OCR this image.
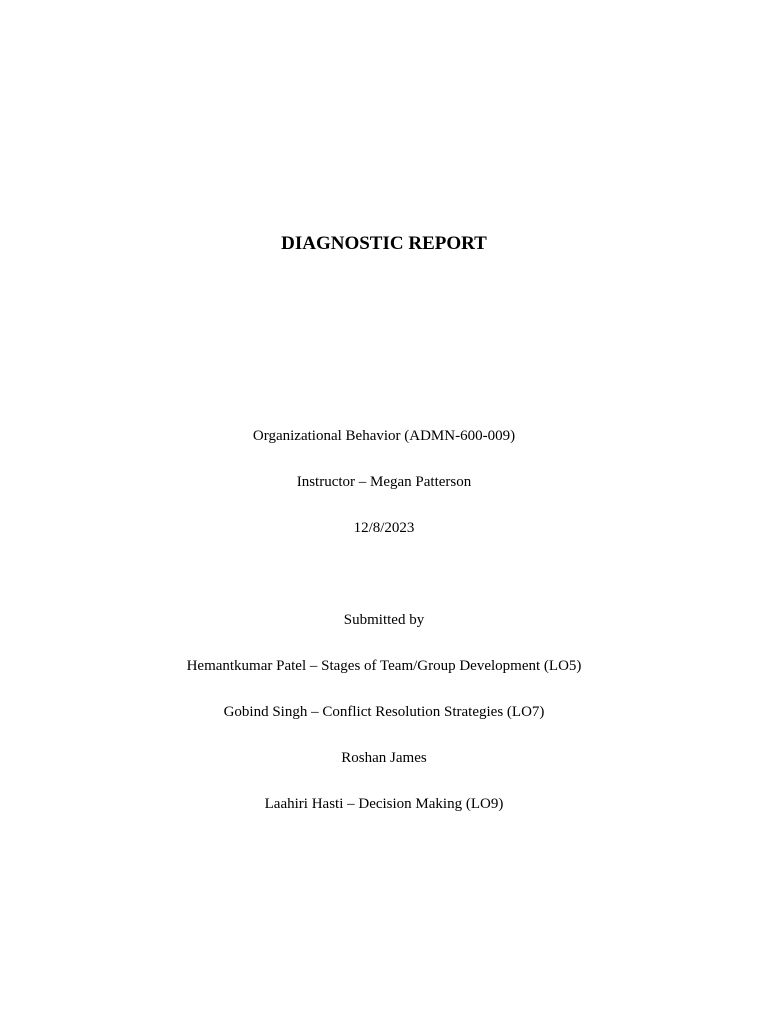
DIAGNOSTIC REPORT
Organizational Behavior (ADMN-600-009)
Instructor – Megan Patterson
12/8/2023
Submitted by
Hemantkumar Patel – Stages of Team/Group Development (LO5)
Gobind Singh – Conflict Resolution Strategies (LO7)
Roshan James
Laahiri Hasti – Decision Making (LO9)
